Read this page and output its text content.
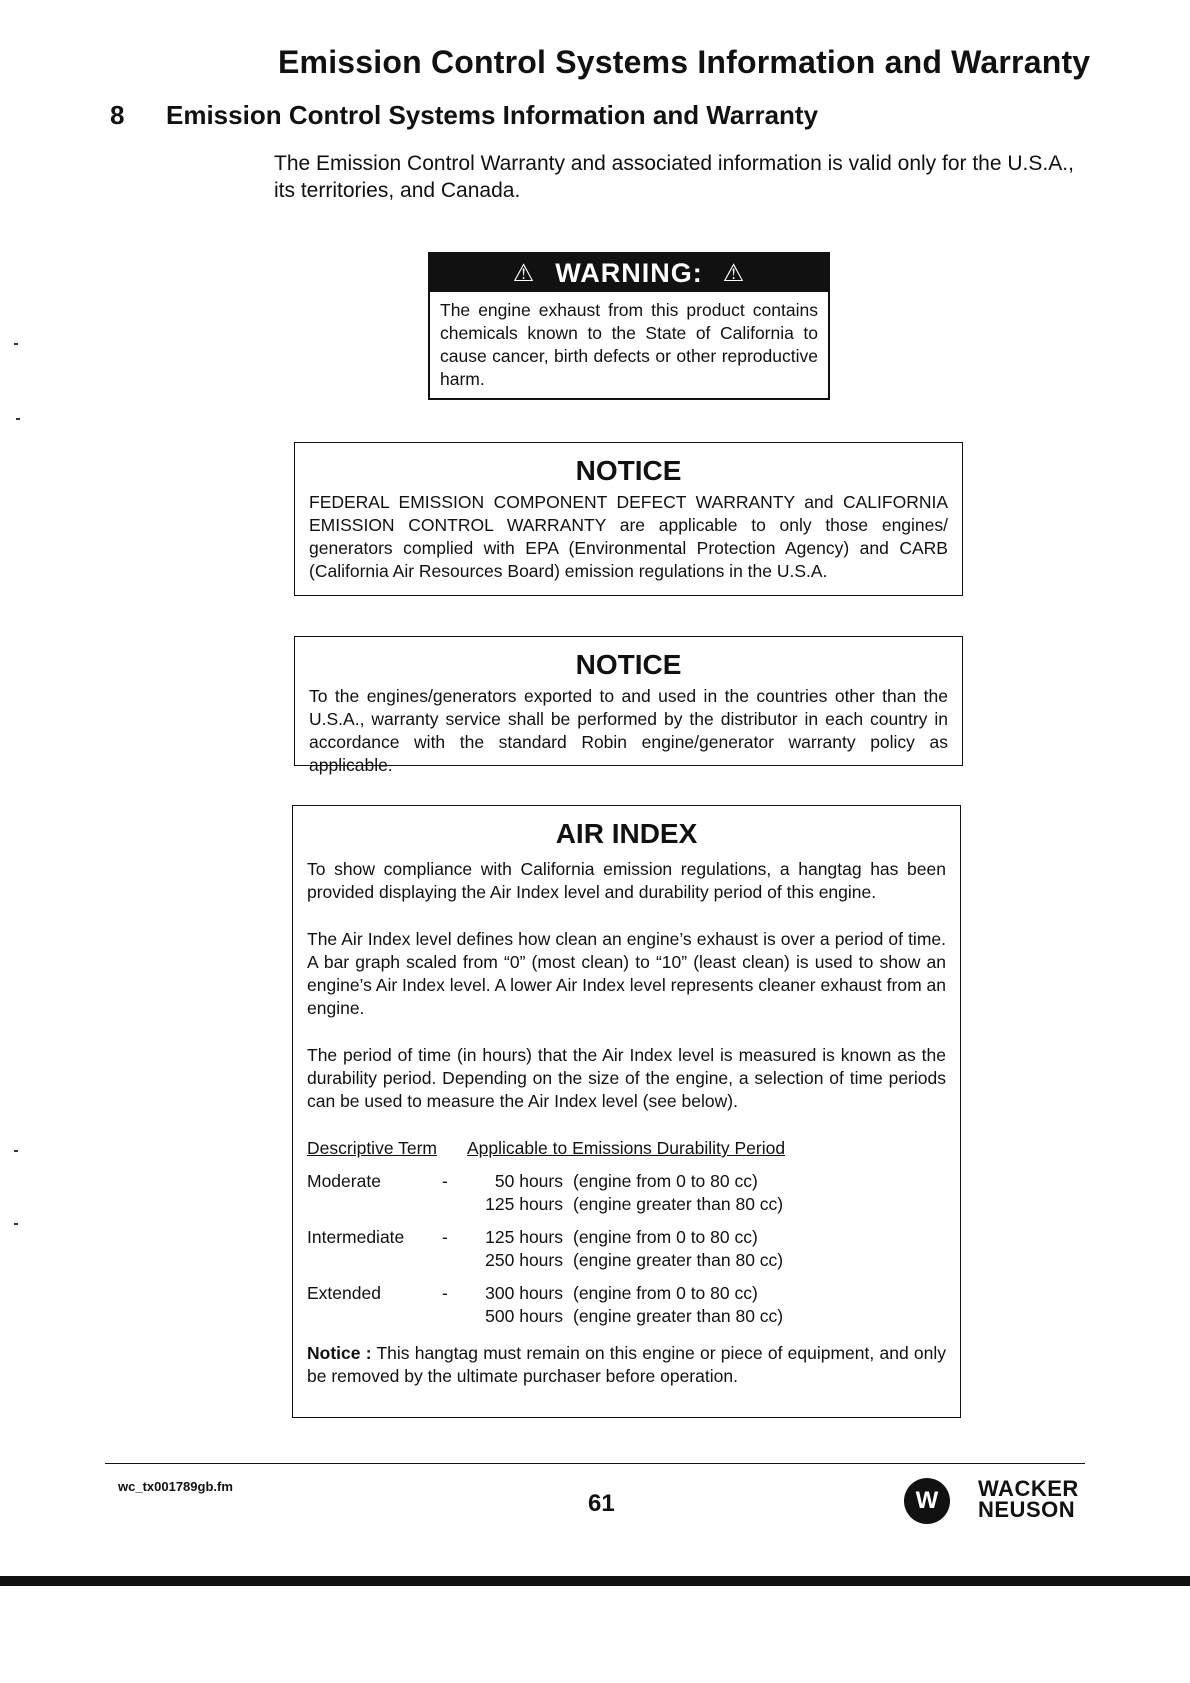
Emission Control Systems Information and Warranty
8 Emission Control Systems Information and Warranty
The Emission Control Warranty and associated information is valid only for the U.S.A., its territories, and Canada.
⚠ WARNING: ⚠
The engine exhaust from this product contains chemicals known to the State of California to cause cancer, birth defects or other reproductive harm.
NOTICE

FEDERAL EMISSION COMPONENT DEFECT WARRANTY and CALIFORNIA EMISSION CONTROL WARRANTY are applicable to only those engines/ generators complied with EPA (Environmental Protection Agency) and CARB (California Air Resources Board) emission regulations in the U.S.A.

NOTICE

To the engines/generators exported to and used in the countries other than the U.S.A., warranty service shall be performed by the distributor in each country in accordance with the standard Robin engine/generator warranty policy as applicable.

AIR INDEX

To show compliance with California emission regulations, a hangtag has been provided displaying the Air Index level and durability period of this engine.

The Air Index level defines how clean an engine’s exhaust is over a period of time. A bar graph scaled from “0” (most clean) to “10” (least clean) is used to show an engine’s Air Index level. A lower Air Index level represents cleaner exhaust from an engine.

The period of time (in hours) that the Air Index level is measured is known as the durability period. Depending on the size of the engine, a selection of time periods can be used to measure the Air Index level (see below).

Descriptive Term	Applicable to Emissions Durability Period
Moderate	-	50 hours (engine from 0 to 80 cc)
125 hours (engine greater than 80 cc)
Intermediate	-	125 hours (engine from 0 to 80 cc)
250 hours (engine greater than 80 cc)
Extended	-	300 hours (engine from 0 to 80 cc)
500 hours (engine greater than 80 cc)

Notice : This hangtag must remain on this engine or piece of equipment, and only be removed by the ultimate purchaser before operation.

wc_tx001789gb.fm
61	W	WACKER
NEUSON
